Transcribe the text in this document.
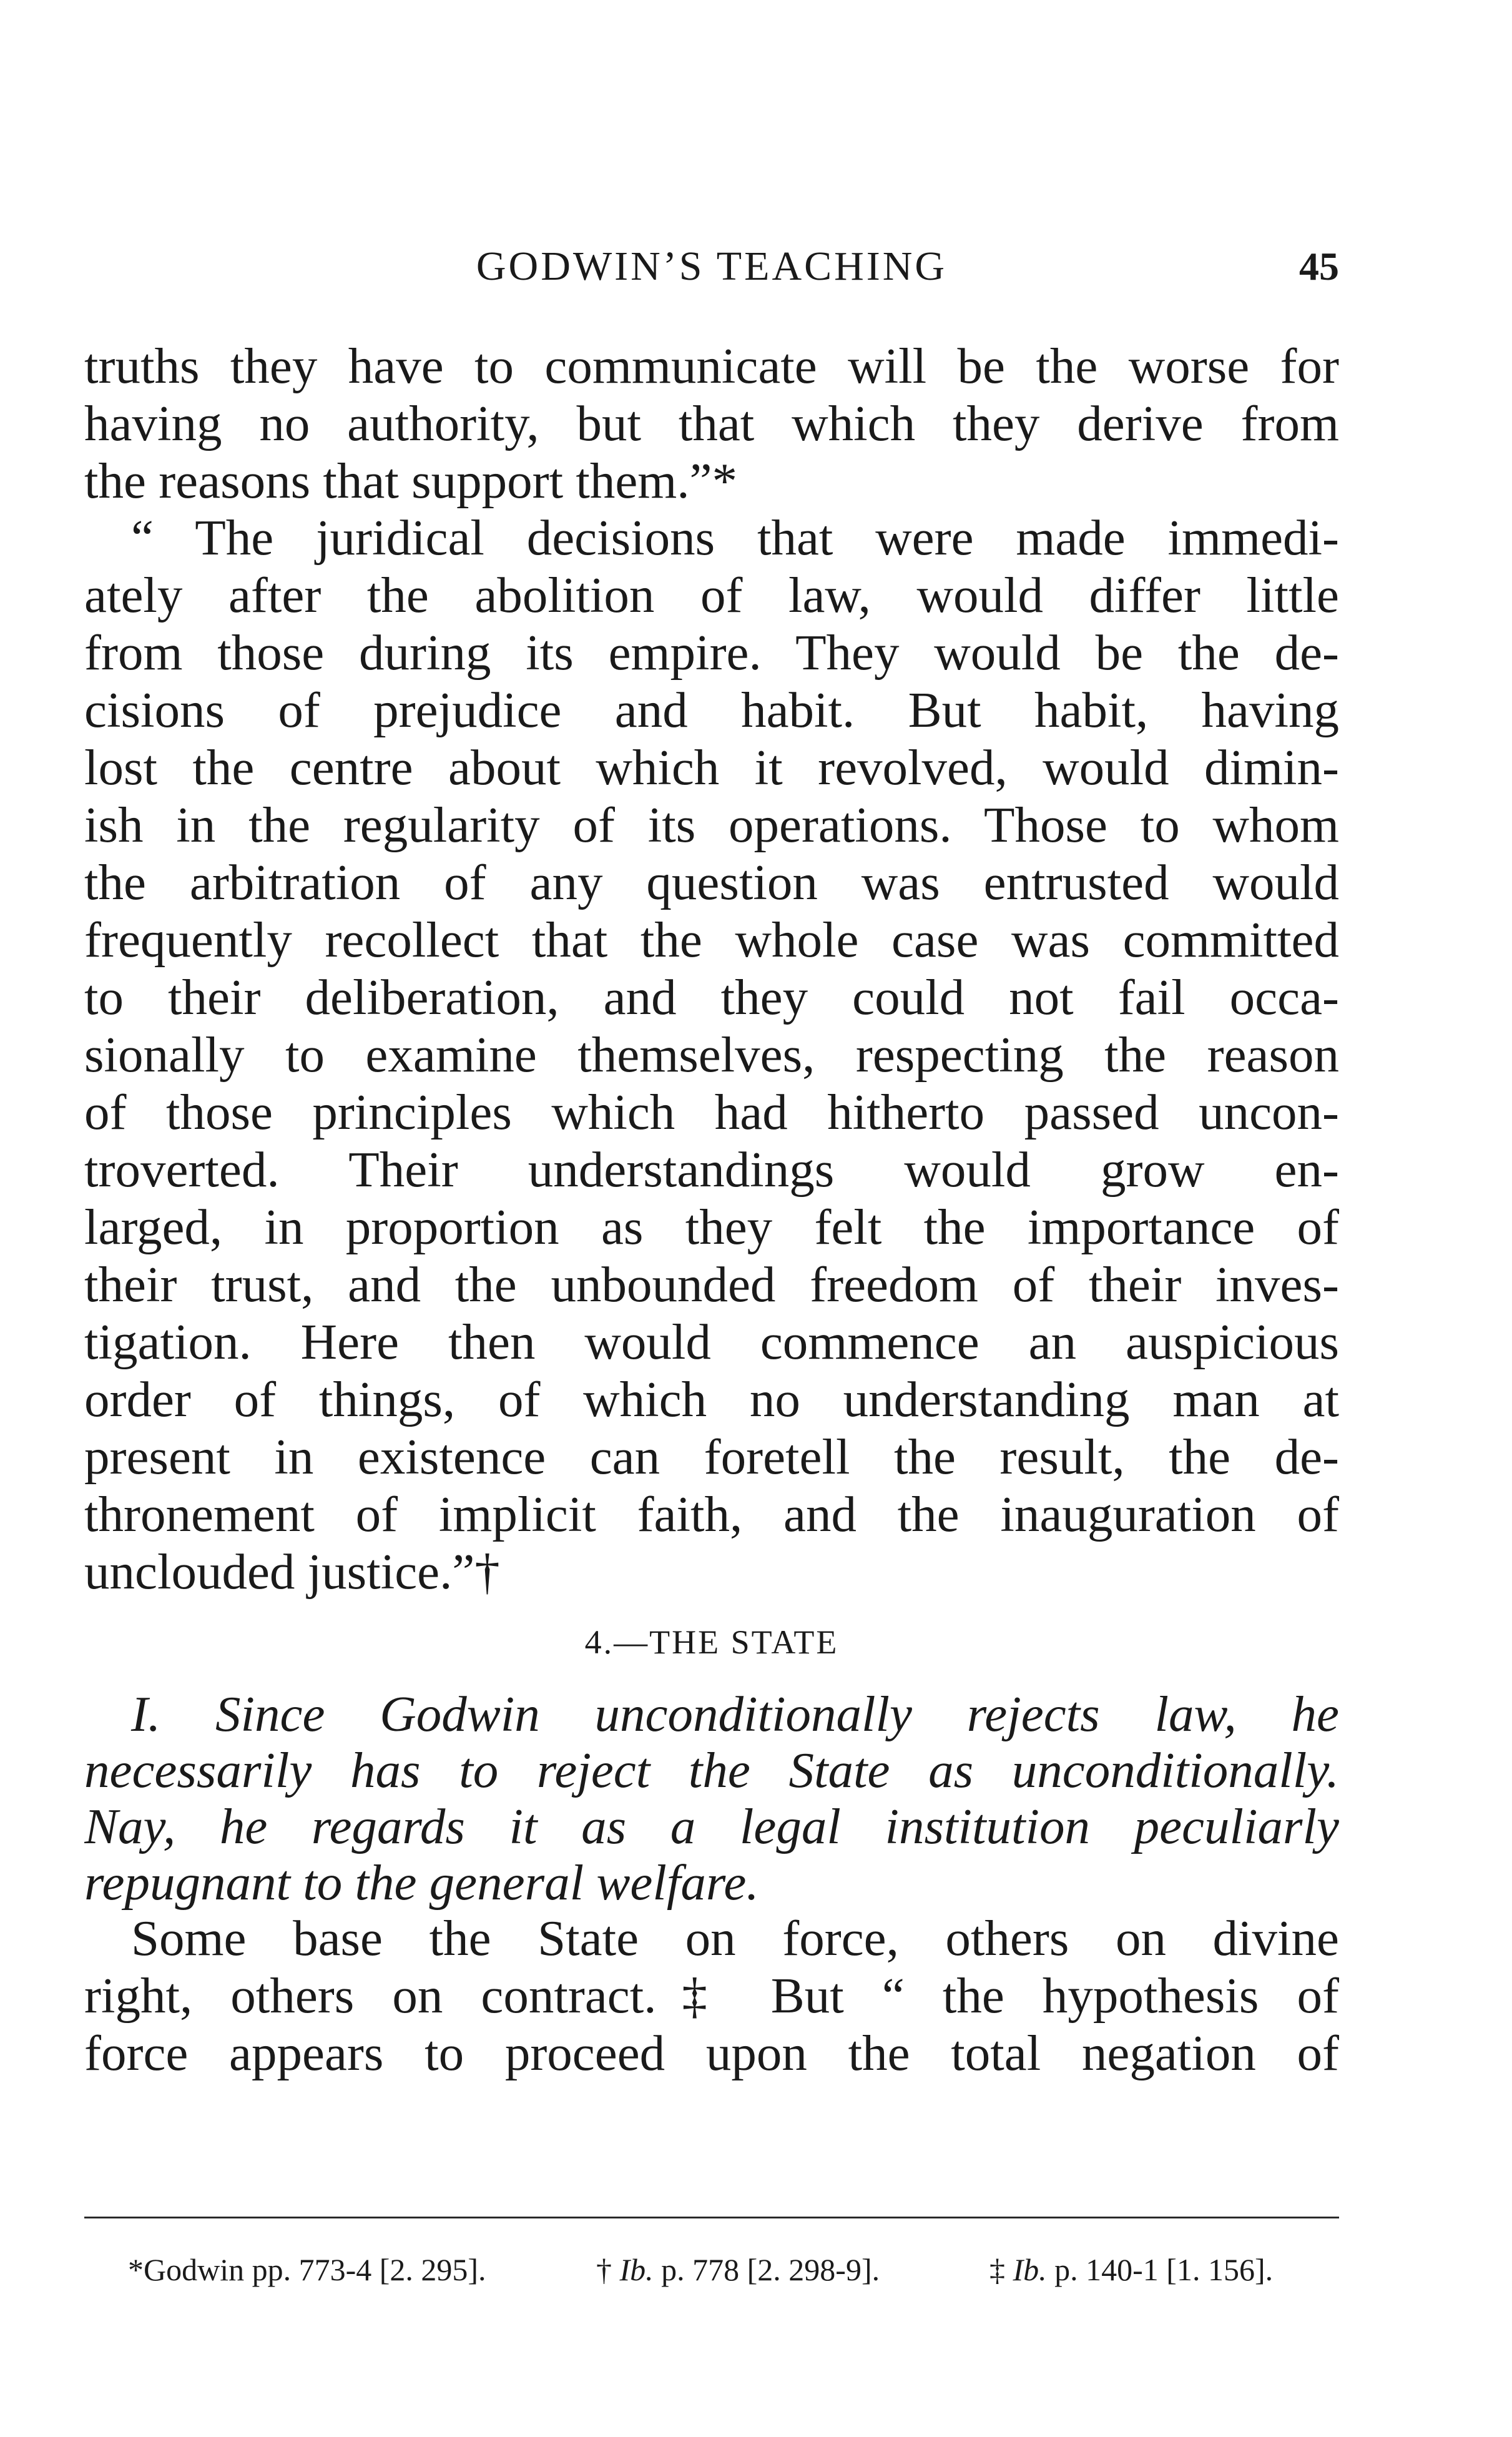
GODWIN’S TEACHING	45
truths they have to communicate will be the worse for
having no authority, but that which they derive from
the reasons that support them.”*
“ The juridical decisions that were made immedi-
ately after the abolition of law, would differ little
from those during its empire. They would be the de-
cisions of prejudice and habit. But habit, having
lost the centre about which it revolved, would dimin-
ish in the regularity of its operations. Those to whom
the arbitration of any question was entrusted would
frequently recollect that the whole case was committed
to their deliberation, and they could not fail occa-
sionally to examine themselves, respecting the reason
of those principles which had hitherto passed uncon-
troverted. Their understandings would grow en-
larged, in proportion as they felt the importance of
their trust, and the unbounded freedom of their inves-
tigation. Here then would commence an auspicious
order of things, of which no understanding man at
present in existence can foretell the result, the de-
thronement of implicit faith, and the inauguration of
unclouded justice.”†
4.—THE STATE
I. Since Godwin unconditionally rejects law, he
necessarily has to reject the State as unconditionally.
Nay, he regards it as a legal institution peculiarly
repugnant to the general welfare.
Some base the State on force, others on divine
right, others on contract.‡ But “ the hypothesis of
force appears to proceed upon the total negation of
*Godwin pp. 773-4 [2. 295].	† Ib. p. 778 [2. 298-9].	‡ Ib. p. 140-1 [1. 156].
